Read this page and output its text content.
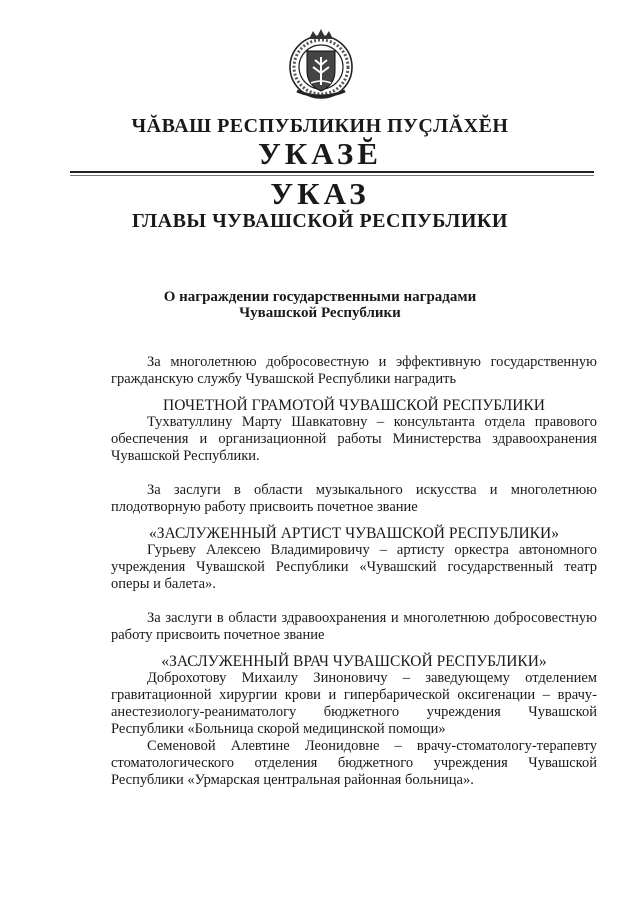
ЧĂВАШ РЕСПУБЛИКИН ПУÇЛĂХĔН
УКАЗĔ
УКАЗ
ГЛАВЫ ЧУВАШСКОЙ РЕСПУБЛИКИ
О награждении государственными наградами
Чувашской Республики

За многолетнюю добросовестную и эффективную государственную гражданскую службу Чувашской Республики наградить

ПОЧЕТНОЙ ГРАМОТОЙ ЧУВАШСКОЙ РЕСПУБЛИКИ

Тухватуллину Марту Шавкатовну – консультанта отдела правового обеспечения и организационной работы Министерства здравоохранения Чувашской Республики.

За заслуги в области музыкального искусства и многолетнюю плодотворную работу присвоить почетное звание

«ЗАСЛУЖЕННЫЙ АРТИСТ ЧУВАШСКОЙ РЕСПУБЛИКИ»

Гурьеву Алексею Владимировичу – артисту оркестра автономного учреждения Чувашской Республики «Чувашский государственный театр оперы и балета».

За заслуги в области здравоохранения и многолетнюю добросовестную работу присвоить почетное звание

«ЗАСЛУЖЕННЫЙ ВРАЧ ЧУВАШСКОЙ РЕСПУБЛИКИ»

Доброхотову Михаилу Зиноновичу – заведующему отделением гравитационной хирургии крови и гипербарической оксигенации – врачу-анестезиологу-реаниматологу бюджетного учреждения Чувашской Республики «Больница скорой медицинской помощи»

Семеновой Алевтине Леонидовне – врачу-стоматологу-терапевту стоматологического отделения бюджетного учреждения Чувашской Республики «Урмарская центральная районная больница».
